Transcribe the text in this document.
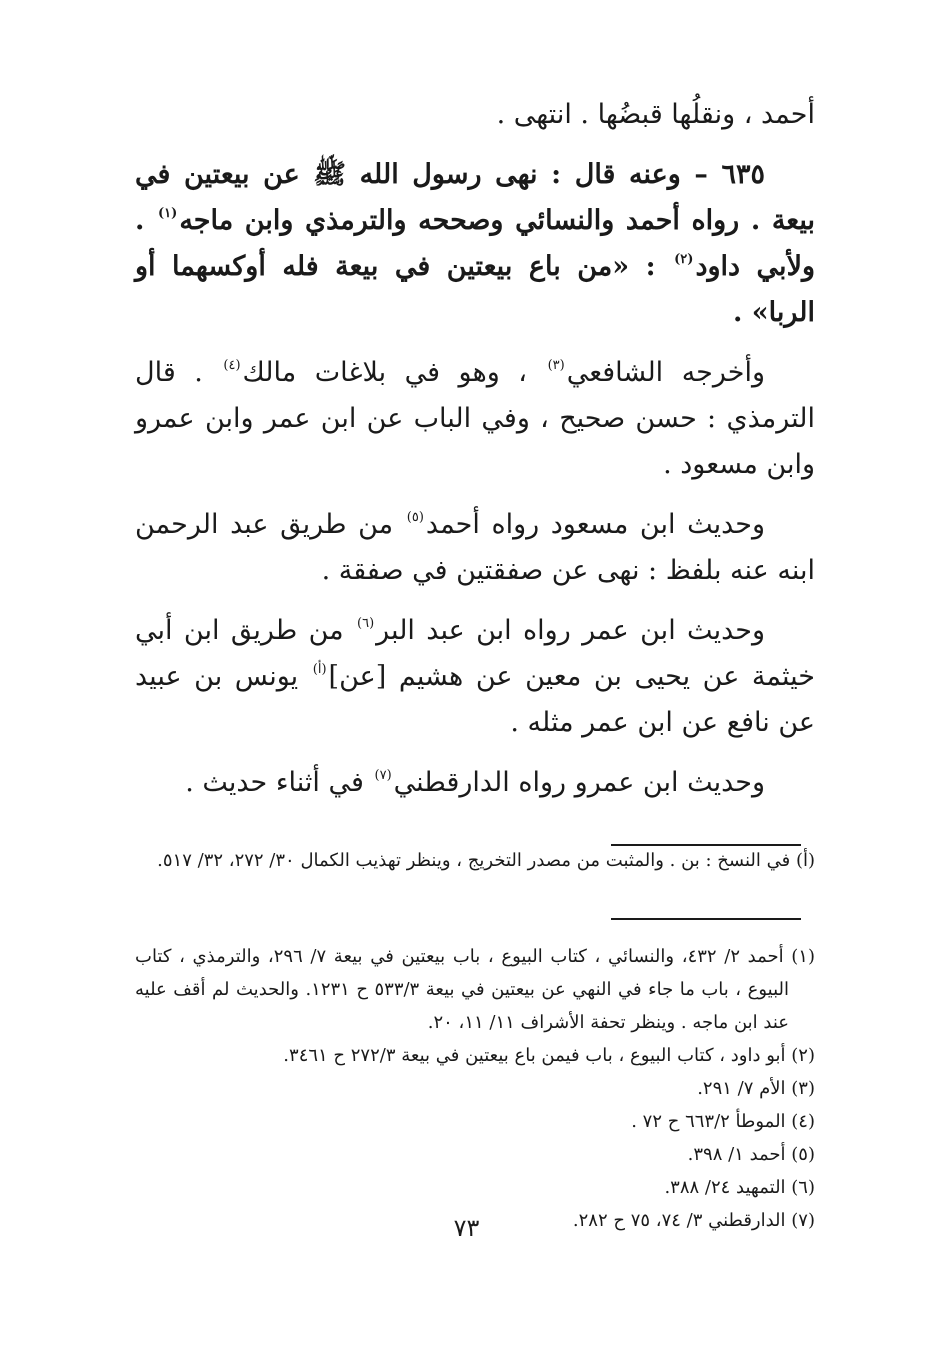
أحمد ، ونقلُها قبضُها . انتهى .

٦٣٥ – وعنه قال : نهى رسول الله ﷺ عن بيعتين في بيعة . رواه أحمد والنسائي وصححه والترمذي وابن ماجه$^{(١)}$ . ولأبي داود$^{(٢)}$ : «من باع بيعتين في بيعة فله أوكسهما أو الربا» .

وأخرجه الشافعي$^{(٣)}$ ، وهو في بلاغات مالك$^{(٤)}$ . قال الترمذي : حسن صحيح ، وفي الباب عن ابن عمر وابن عمرو وابن مسعود .

وحديث ابن مسعود رواه أحمد$^{(٥)}$ من طريق عبد الرحمن ابنه عنه بلفظ : نهى عن صفقتين في صفقة .

وحديث ابن عمر رواه ابن عبد البر$^{(٦)}$ من طريق ابن أبي خيثمة عن يحيى بن معين عن هشيم [عن]$^{(أ)}$ يونس بن عبيد عن نافع عن ابن عمر مثله .

وحديث ابن عمرو رواه الدارقطني$^{(٧)}$ في أثناء حديث .

(أ) في النسخ : بن . والمثبت من مصدر التخريج ، وينظر تهذيب الكمال ٣٠/ ٢٧٢، ٣٢/ ٥١٧.

(١) أحمد ٢/ ٤٣٢، والنسائي ، كتاب البيوع ، باب بيعتين في بيعة ٧/ ٢٩٦، والترمذي ، كتاب البيوع ، باب ما جاء في النهي عن بيعتين في بيعة ٥٣٣/٣ ح ١٢٣١. والحديث لم أقف عليه عند ابن ماجه . وينظر تحفة الأشراف ١١/ ١١، ٢٠.

(٢) أبو داود ، كتاب البيوع ، باب فيمن باع بيعتين في بيعة ٢٧٢/٣ ح ٣٤٦١.

(٣) الأم ٧/ ٢٩١.

(٤) الموطأ ٦٦٣/٢ ح ٧٢ .

(٥) أحمد ١/ ٣٩٨.

(٦) التمهيد ٢٤/ ٣٨٨.

(٧) الدارقطني ٣/ ٧٤، ٧٥ ح ٢٨٢.

٧٣
